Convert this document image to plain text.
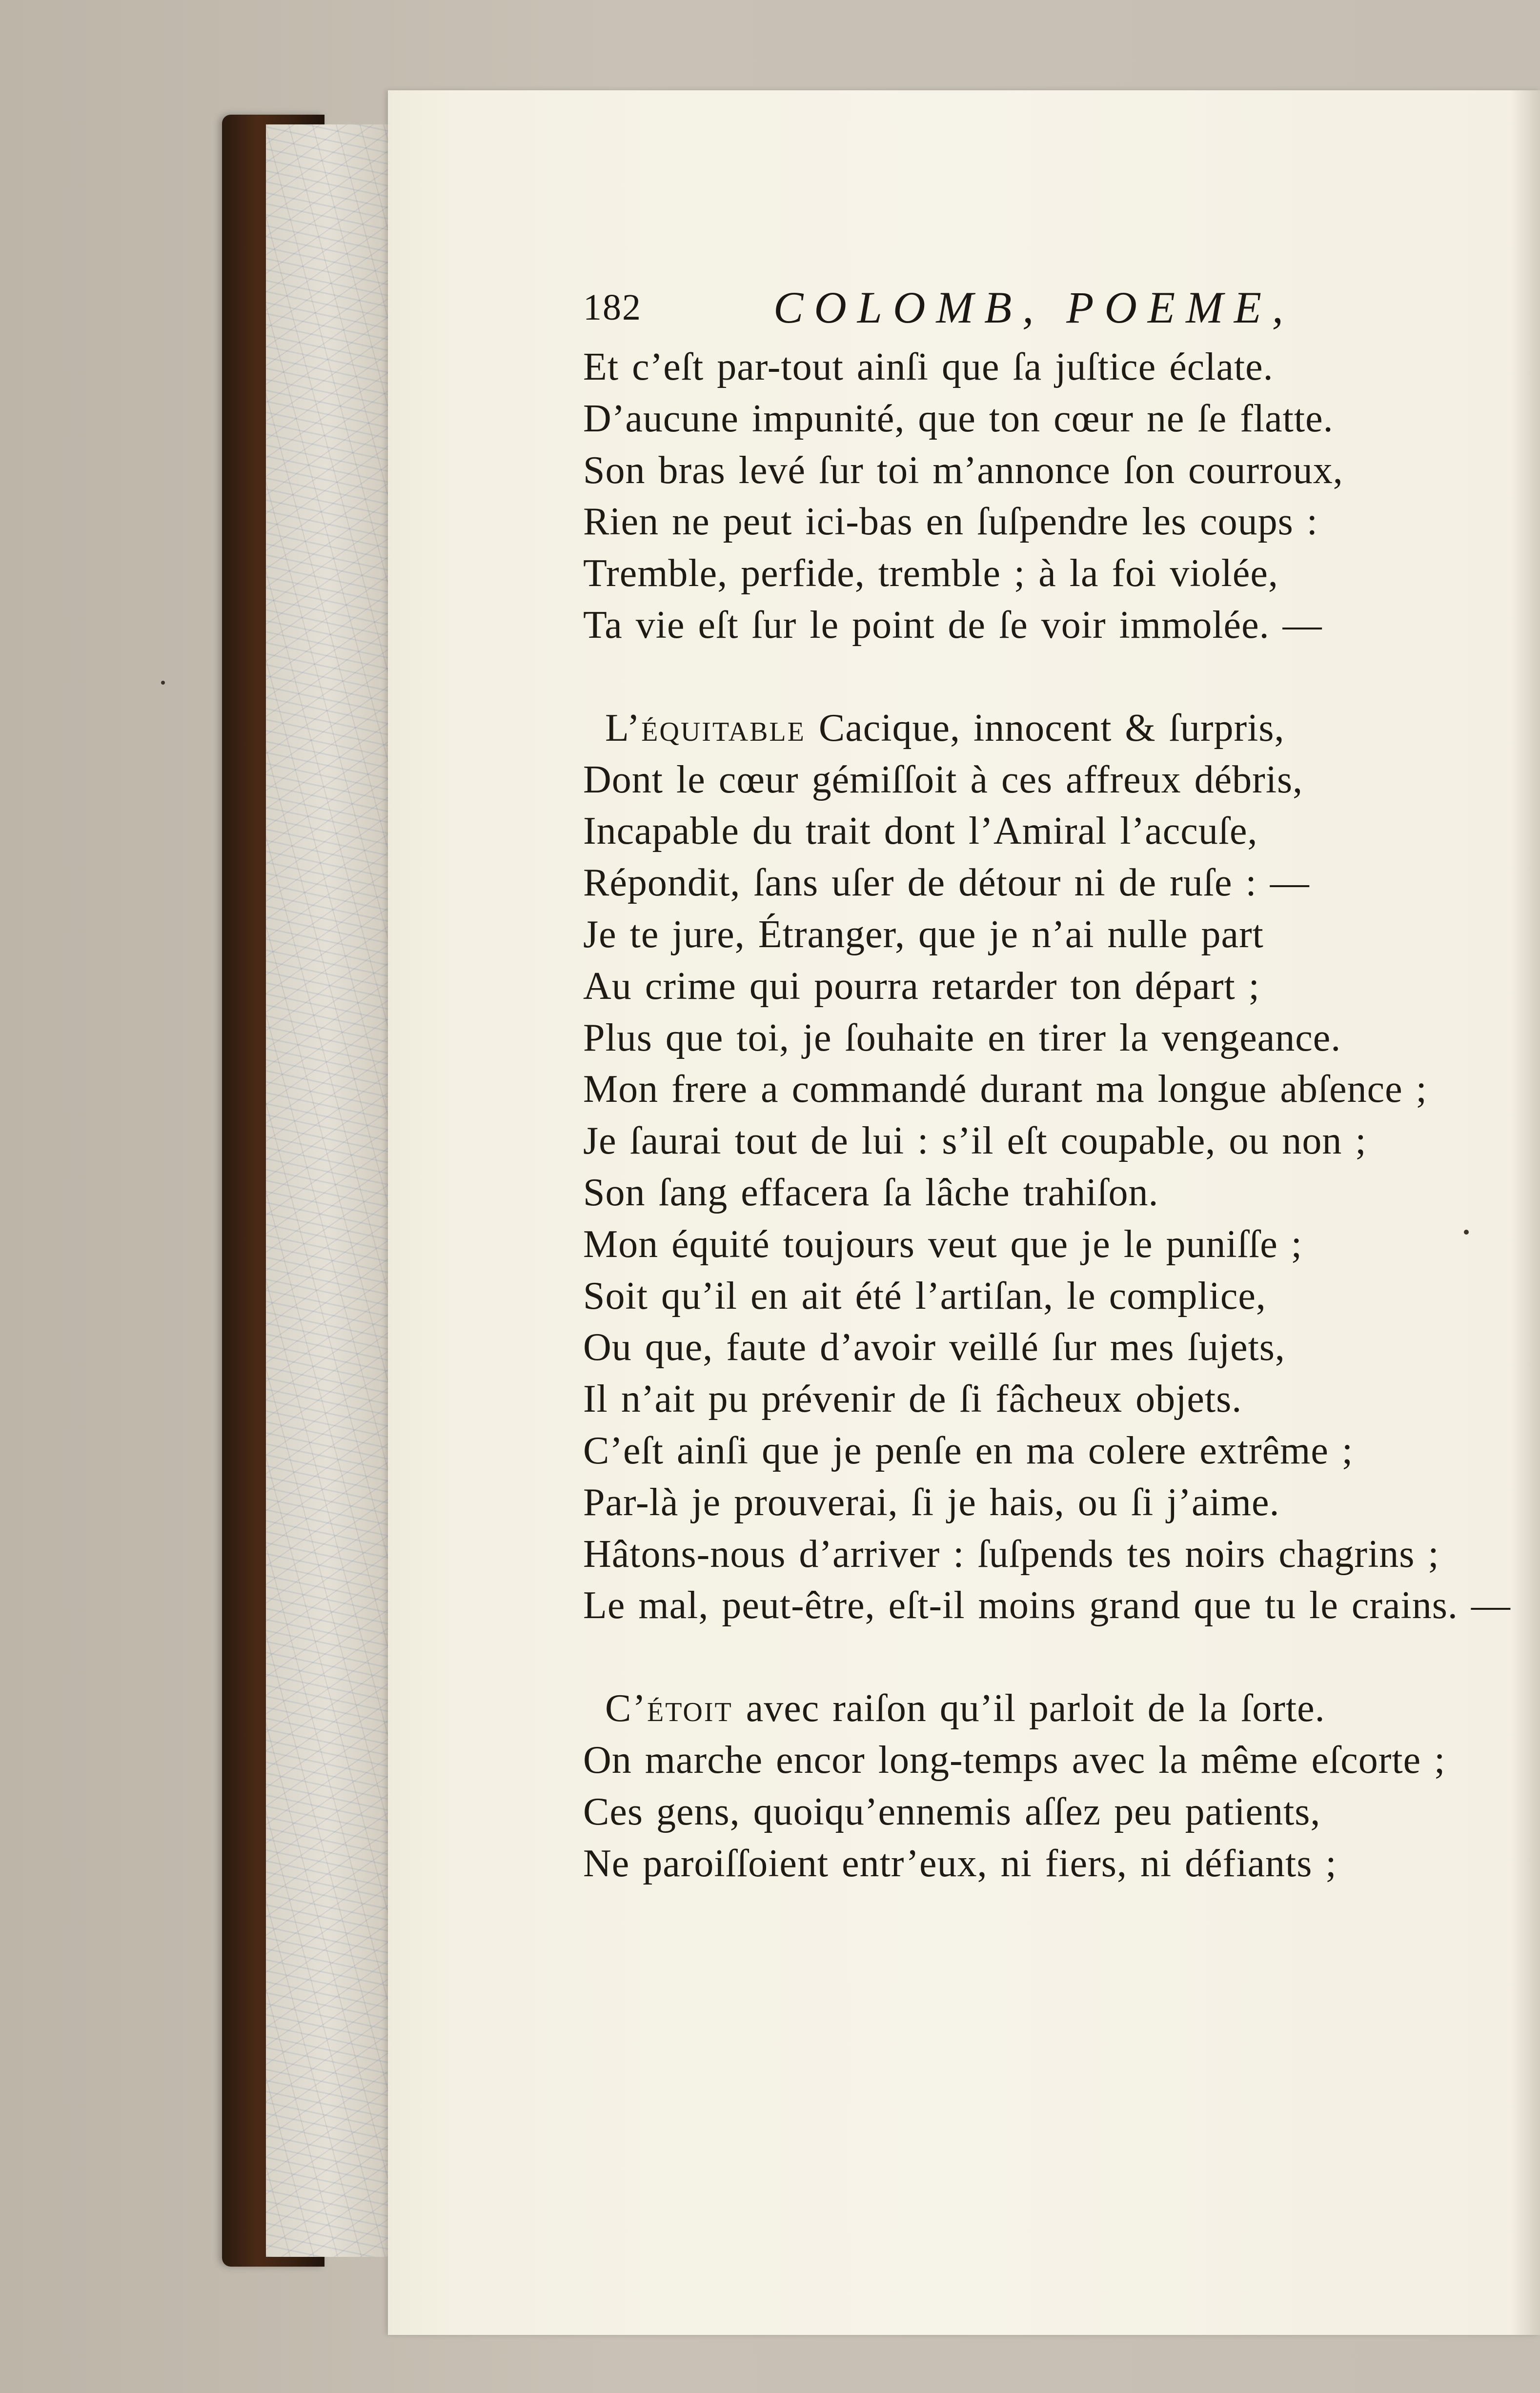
182	COLOMB, POEME,
Et c’eſt par-tout ainſi que ſa juſtice éclate.
D’aucune impunité, que ton cœur ne ſe flatte.
Son bras levé ſur toi m’annonce ſon courroux,
Rien ne peut ici-bas en ſuſpendre les coups :
Tremble, perfide, tremble ; à la foi violée,
Ta vie eſt ſur le point de ſe voir immolée. —
L’équitable Cacique, innocent & ſurpris,
Dont le cœur gémiſſoit à ces affreux débris,
Incapable du trait dont l’Amiral l’accuſe,
Répondit, ſans uſer de détour ni de ruſe : —
Je te jure, Étranger, que je n’ai nulle part
Au crime qui pourra retarder ton départ ;
Plus que toi, je ſouhaite en tirer la vengeance.
Mon frere a commandé durant ma longue abſence ;
Je ſaurai tout de lui : s’il eſt coupable, ou non ;
Son ſang effacera ſa lâche trahiſon.
Mon équité toujours veut que je le puniſſe ;
Soit qu’il en ait été l’artiſan, le complice,
Ou que, faute d’avoir veillé ſur mes ſujets,
Il n’ait pu prévenir de ſi fâcheux objets.
C’eſt ainſi que je penſe en ma colere extrême ;
Par-là je prouverai, ſi je hais, ou ſi j’aime.
Hâtons-nous d’arriver : ſuſpends tes noirs chagrins ;
Le mal, peut-être, eſt-il moins grand que tu le crains. —
C’étoit avec raiſon qu’il parloit de la ſorte.
On marche encor long-temps avec la même eſcorte ;
Ces gens, quoiqu’ennemis aſſez peu patients,
Ne paroiſſoient entr’eux, ni fiers, ni défiants ;
